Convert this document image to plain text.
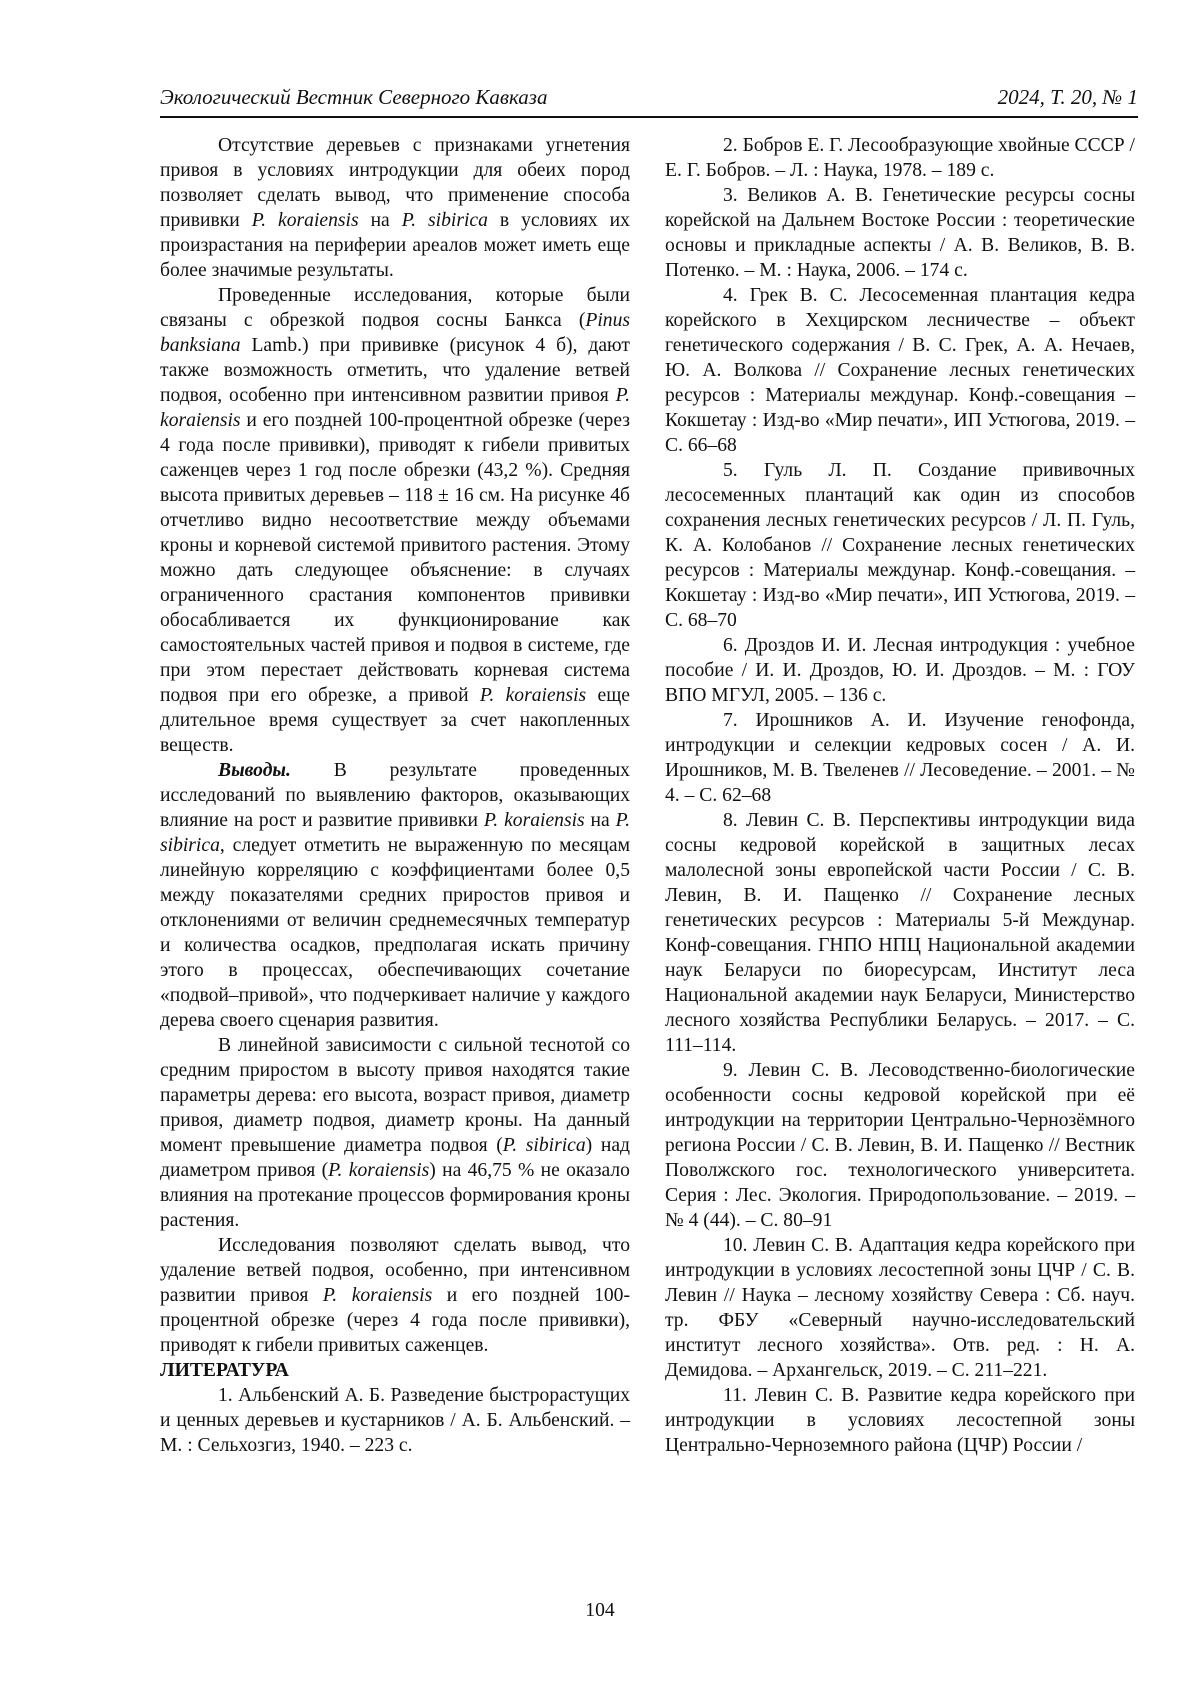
Экологический Вестник Северного Кавказа	2024, Т. 20, № 1

Отсутствие деревьев с признаками угнетения привоя в условиях интродукции для обеих пород позволяет сделать вывод, что применение способа прививки P. koraiensis на P. sibirica в условиях их произрастания на периферии ареалов может иметь еще более значимые результаты.

Проведенные исследования, которые были связаны с обрезкой подвоя сосны Банкса (Pinus banksiana Lamb.) при прививке (рисунок 4 б), дают также возможность отметить, что удаление ветвей подвоя, особенно при интенсивном развитии привоя P. koraiensis и его поздней 100-процентной обрезке (через 4 года после прививки), приводят к гибели привитых саженцев через 1 год после обрезки (43,2 %). Средняя высота привитых деревьев – 118 ± 16 см. На рисунке 4б отчетливо видно несоответствие между объемами кроны и корневой системой привитого растения. Этому можно дать следующее объяснение: в случаях ограниченного срастания компонентов прививки обосабливается их функционирование как самостоятельных частей привоя и подвоя в системе, где при этом перестает действовать корневая система подвоя при его обрезке, а привой P. koraiensis еще длительное время существует за счет накопленных веществ.

Выводы. В результате проведенных исследований по выявлению факторов, оказывающих влияние на рост и развитие прививки P. koraiensis на P. sibirica, следует отметить не выраженную по месяцам линейную корреляцию с коэффициентами более 0,5 между показателями средних приростов привоя и отклонениями от величин среднемесячных температур и количества осадков, предполагая искать причину этого в процессах, обеспечивающих сочетание «подвой–привой», что подчеркивает наличие у каждого дерева своего сценария развития.

В линейной зависимости с сильной теснотой со средним приростом в высоту привоя находятся такие параметры дерева: его высота, возраст привоя, диаметр привоя, диаметр подвоя, диаметр кроны. На данный момент превышение диаметра подвоя (P. sibirica) над диаметром привоя (P. koraiensis) на 46,75 % не оказало влияния на протекание процессов формирования кроны растения.

Исследования позволяют сделать вывод, что удаление ветвей подвоя, особенно, при интенсивном развитии привоя P. koraiensis и его поздней 100-процентной обрезке (через 4 года после прививки), приводят к гибели привитых саженцев.

ЛИТЕРАТУРА

1. Альбенский А. Б. Разведение быстрорастущих и ценных деревьев и кустарников / А. Б. Альбенский. – М. : Сельхозгиз, 1940. – 223 с.

2. Бобров Е. Г. Лесообразующие хвойные СССР / Е. Г. Бобров. – Л. : Наука, 1978. – 189 с.

3. Великов А. В. Генетические ресурсы сосны корейской на Дальнем Востоке России : теоретические основы и прикладные аспекты / А. В. Великов, В. В. Потенко. – М. : Наука, 2006. – 174 с.

4. Грек В. С. Лесосеменная плантация кедра корейского в Хехцирском лесничестве – объект генетического содержания / В. С. Грек, А. А. Нечаев, Ю. А. Волкова // Сохранение лесных генетических ресурсов : Материалы междунар. Конф.-совещания – Кокшетау : Изд-во «Мир печати», ИП Устюгова, 2019. – С. 66–68

5. Гуль Л. П. Создание прививочных лесосеменных плантаций как один из способов сохранения лесных генетических ресурсов / Л. П. Гуль, К. А. Колобанов // Сохранение лесных генетических ресурсов : Материалы междунар. Конф.-совещания. – Кокшетау : Изд-во «Мир печати», ИП Устюгова, 2019. – С. 68–70

6. Дроздов И. И. Лесная интродукция : учебное пособие / И. И. Дроздов, Ю. И. Дроздов. – М. : ГОУ ВПО МГУЛ, 2005. – 136 с.

7. Ирошников А. И. Изучение генофонда, интродукции и селекции кедровых сосен / А. И. Ирошников, М. В. Твеленев // Лесоведение. – 2001. – № 4. – С. 62–68

8. Левин С. В. Перспективы интродукции вида сосны кедровой корейской в защитных лесах малолесной зоны европейской части России / С. В. Левин, В. И. Пащенко // Сохранение лесных генетических ресурсов : Материалы 5-й Междунар. Конф-совещания. ГНПО НПЦ Национальной академии наук Беларуси по биоресурсам, Институт леса Национальной академии наук Беларуси, Министерство лесного хозяйства Республики Беларусь. – 2017. – С. 111–114.

9. Левин С. В. Лесоводственно-биологические особенности сосны кедровой корейской при её интродукции на территории Центрально-Чернозёмного региона России / С. В. Левин, В. И. Пащенко // Вестник Поволжского гос. технологического университета. Серия : Лес. Экология. Природопользование. – 2019. – № 4 (44). – С. 80–91

10. Левин С. В. Адаптация кедра корейского при интродукции в условиях лесостепной зоны ЦЧР / С. В. Левин // Наука – лесному хозяйству Севера : Сб. науч. тр. ФБУ «Северный научно-исследовательский институт лесного хозяйства». Отв. ред. : Н. А. Демидова. – Архангельск, 2019. – С. 211–221.

11. Левин С. В. Развитие кедра корейского при интродукции в условиях лесостепной зоны Центрально-Черноземного района (ЦЧР) России /

104
